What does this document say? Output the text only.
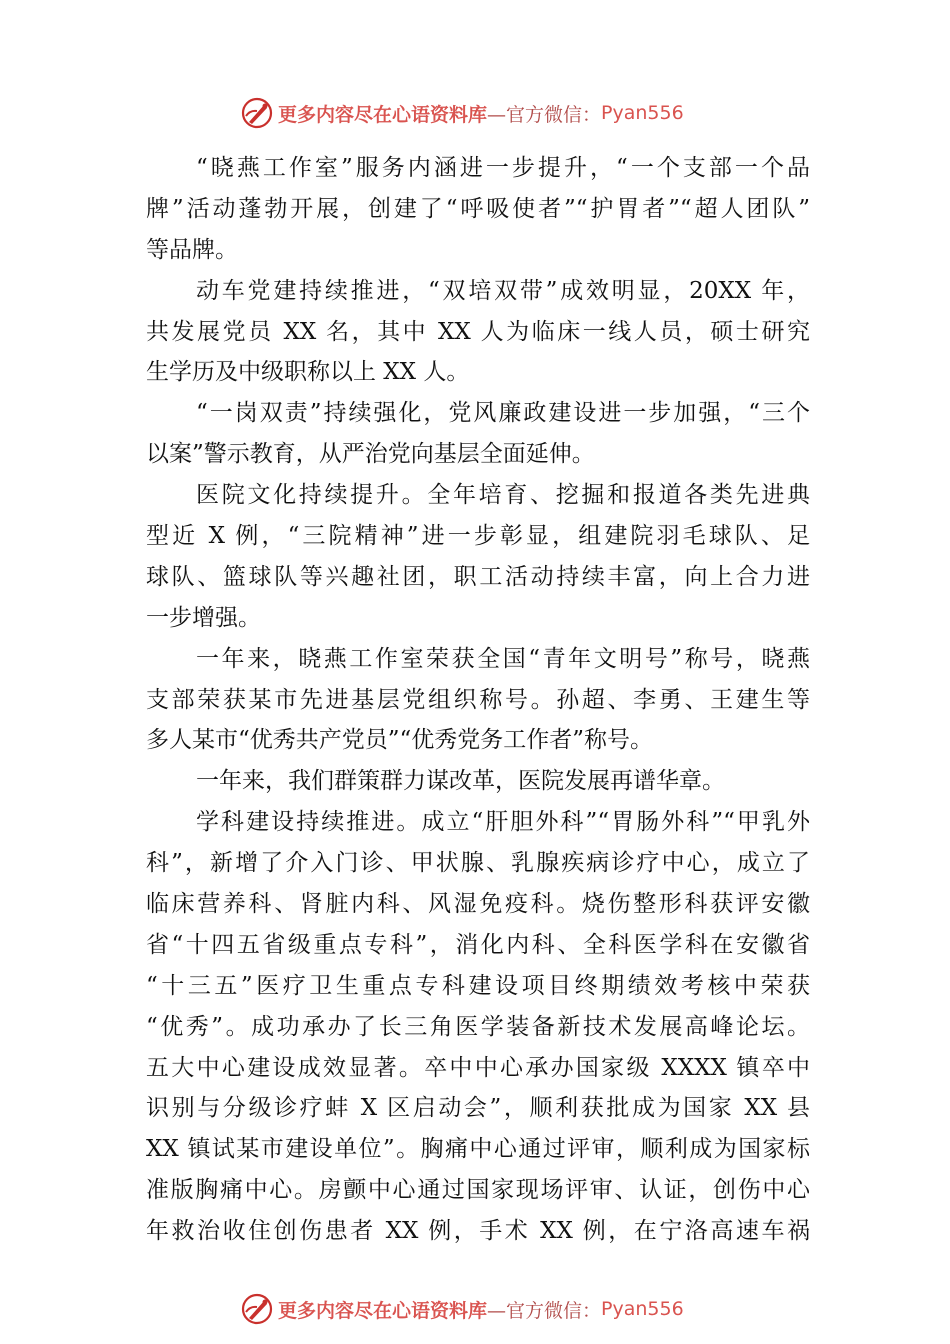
更多内容尽在心语资料库 —官方微信： Pyan556
“晓燕工作室”服务内涵进一步提升，“一个支部一个品
牌”活动蓬勃开展，创建了“呼吸使者”“护胃者”“超人团队”
等品牌。
动车党建持续推进，“双培双带”成效明显，20XX 年，
共发展党员 XX 名，其中 XX 人为临床一线人员，硕士研究
生学历及中级职称以上 XX 人。
“一岗双责”持续强化，党风廉政建设进一步加强，“三个
以案”警示教育，从严治党向基层全面延伸。
医院文化持续提升。全年培育、挖掘和报道各类先进典
型近 X 例，“三院精神”进一步彰显，组建院羽毛球队、足
球队、篮球队等兴趣社团，职工活动持续丰富，向上合力进
一步增强。
一年来，晓燕工作室荣获全国“青年文明号”称号，晓燕
支部荣获某市先进基层党组织称号。孙超、李勇、王建生等
多人某市“优秀共产党员”“优秀党务工作者”称号。
一年来，我们群策群力谋改革，医院发展再谱华章。
学科建设持续推进。成立“肝胆外科”“胃肠外科”“甲乳外
科”，新增了介入门诊、甲状腺、乳腺疾病诊疗中心，成立了
临床营养科、肾脏内科、风湿免疫科。烧伤整形科获评安徽
省“十四五省级重点专科”，消化内科、全科医学科在安徽省
“十三五”医疗卫生重点专科建设项目终期绩效考核中荣获
“优秀”。成功承办了长三角医学装备新技术发展高峰论坛。
五大中心建设成效显著。卒中中心承办国家级 XXXX 镇卒中
识别与分级诊疗蚌 X 区启动会”，顺利获批成为国家 XX 县
XX 镇试某市建设单位”。胸痛中心通过评审，顺利成为国家标
准版胸痛中心。房颤中心通过国家现场评审、认证，创伤中心
年救治收住创伤患者 XX 例，手术 XX 例，在宁洛高速车祸
更多内容尽在心语资料库 —官方微信： Pyan556
